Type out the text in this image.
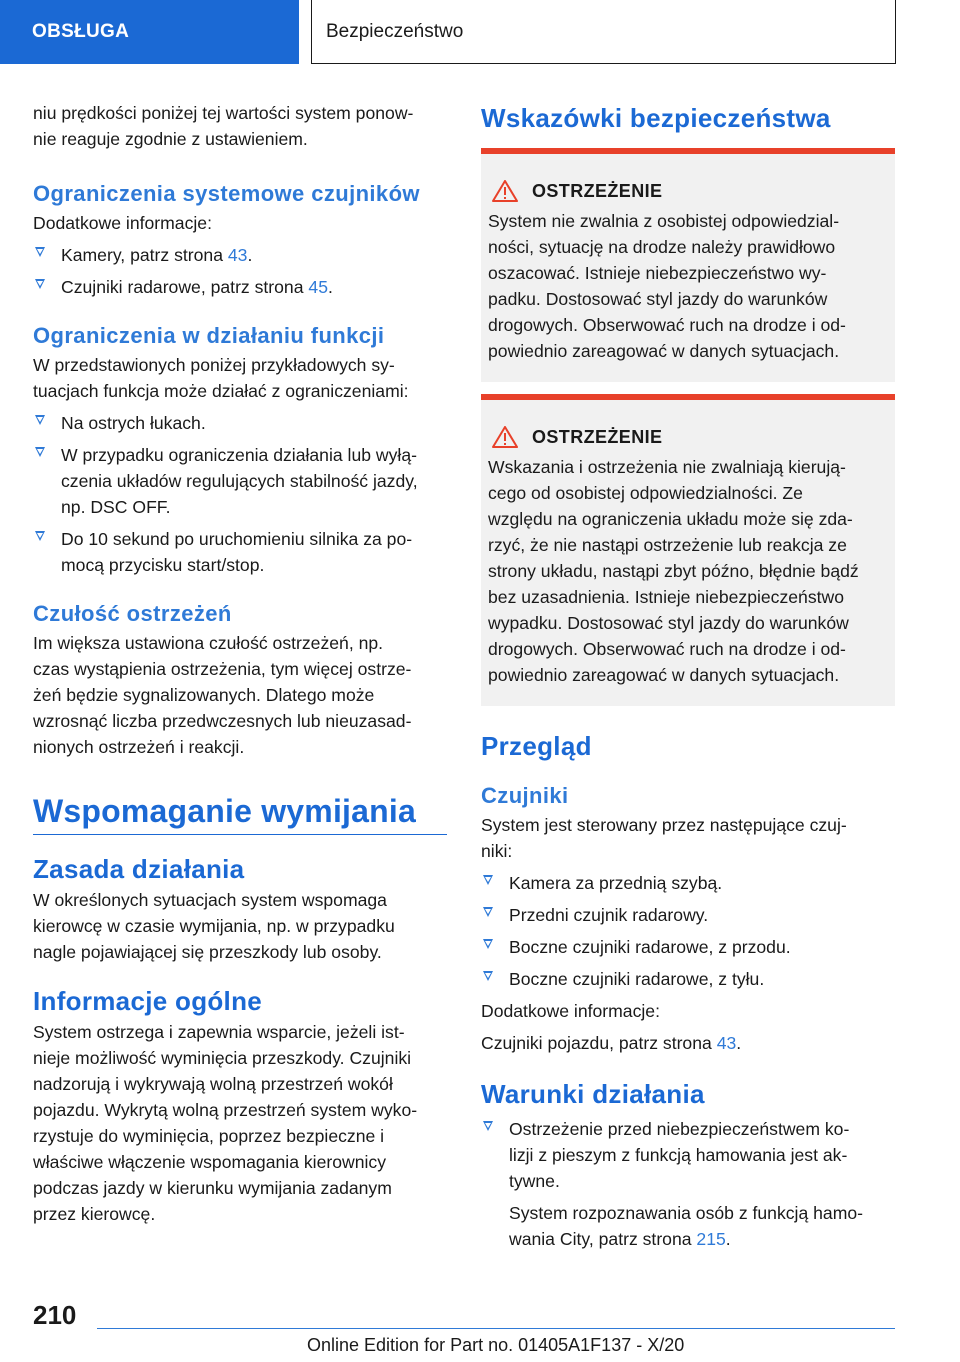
OBSŁUGA	Bezpieczeństwo

niu prędkości poniżej tej wartości system ponow-

nie reaguje zgodnie z ustawieniem.

Ograniczenia systemowe czujników

Dodatkowe informacje:

Kamery, patrz strona 43.
Czujniki radarowe, patrz strona 45.
Ograniczenia w działaniu funkcji

W przedstawionych poniżej przykładowych sy-

tuacjach funkcja może działać z ograniczeniami:

Na ostrych łukach.
W przypadku ograniczenia działania lub wyłą-
czenia układów regulujących stabilność jazdy,
np. DSC OFF.
Do 10 sekund po uruchomieniu silnika za po-
mocą przycisku start/stop.
Czułość ostrzeżeń

Im większa ustawiona czułość ostrzeżeń, np.

czas wystąpienia ostrzeżenia, tym więcej ostrze-

żeń będzie sygnalizowanych. Dlatego może

wzrosnąć liczba przedwczesnych lub nieuzasad-

nionych ostrzeżeń i reakcji.

Wspomaganie wymijania
Zasada działania

W określonych sytuacjach system wspomaga

kierowcę w czasie wymijania, np. w przypadku

nagle pojawiającej się przeszkody lub osoby.

Informacje ogólne

System ostrzega i zapewnia wsparcie, jeżeli ist-

nieje możliwość wyminięcia przeszkody. Czujniki

nadzorują i wykrywają wolną przestrzeń wokół

pojazdu. Wykrytą wolną przestrzeń system wyko-

rzystuje do wyminięcia, poprzez bezpieczne i

właściwe włączenie wspomagania kierownicy

podczas jazdy w kierunku wymijania zadanym

przez kierowcę.

Wskazówki bezpieczeństwa
OSTRZEŻENIE

System nie zwalnia z osobistej odpowiedzial-

ności, sytuację na drodze należy prawidłowo

oszacować. Istnieje niebezpieczeństwo wy-

padku. Dostosować styl jazdy do warunków

drogowych. Obserwować ruch na drodze i od-

powiednio zareagować w danych sytuacjach.

OSTRZEŻENIE

Wskazania i ostrzeżenia nie zwalniają kierują-

cego od osobistej odpowiedzialności. Ze

względu na ograniczenia układu może się zda-

rzyć, że nie nastąpi ostrzeżenie lub reakcja ze

strony układu, nastąpi zbyt późno, błędnie bądź

bez uzasadnienia. Istnieje niebezpieczeństwo

wypadku. Dostosować styl jazdy do warunków

drogowych. Obserwować ruch na drodze i od-

powiednio zareagować w danych sytuacjach.

Przegląd
Czujniki

System jest sterowany przez następujące czuj-

niki:

Kamera za przednią szybą.
Przedni czujnik radarowy.
Boczne czujniki radarowe, z przodu.
Boczne czujniki radarowe, z tyłu.

Dodatkowe informacje:

Czujniki pojazdu, patrz strona 43.

Warunki działania
Ostrzeżenie przed niebezpieczeństwem ko-
lizji z pieszym z funkcją hamowania jest ak-
tywne.
System rozpoznawania osób z funkcją hamo-
wania City, patrz strona 215.
210
Online Edition for Part no. 01405A1F137 - X/20
